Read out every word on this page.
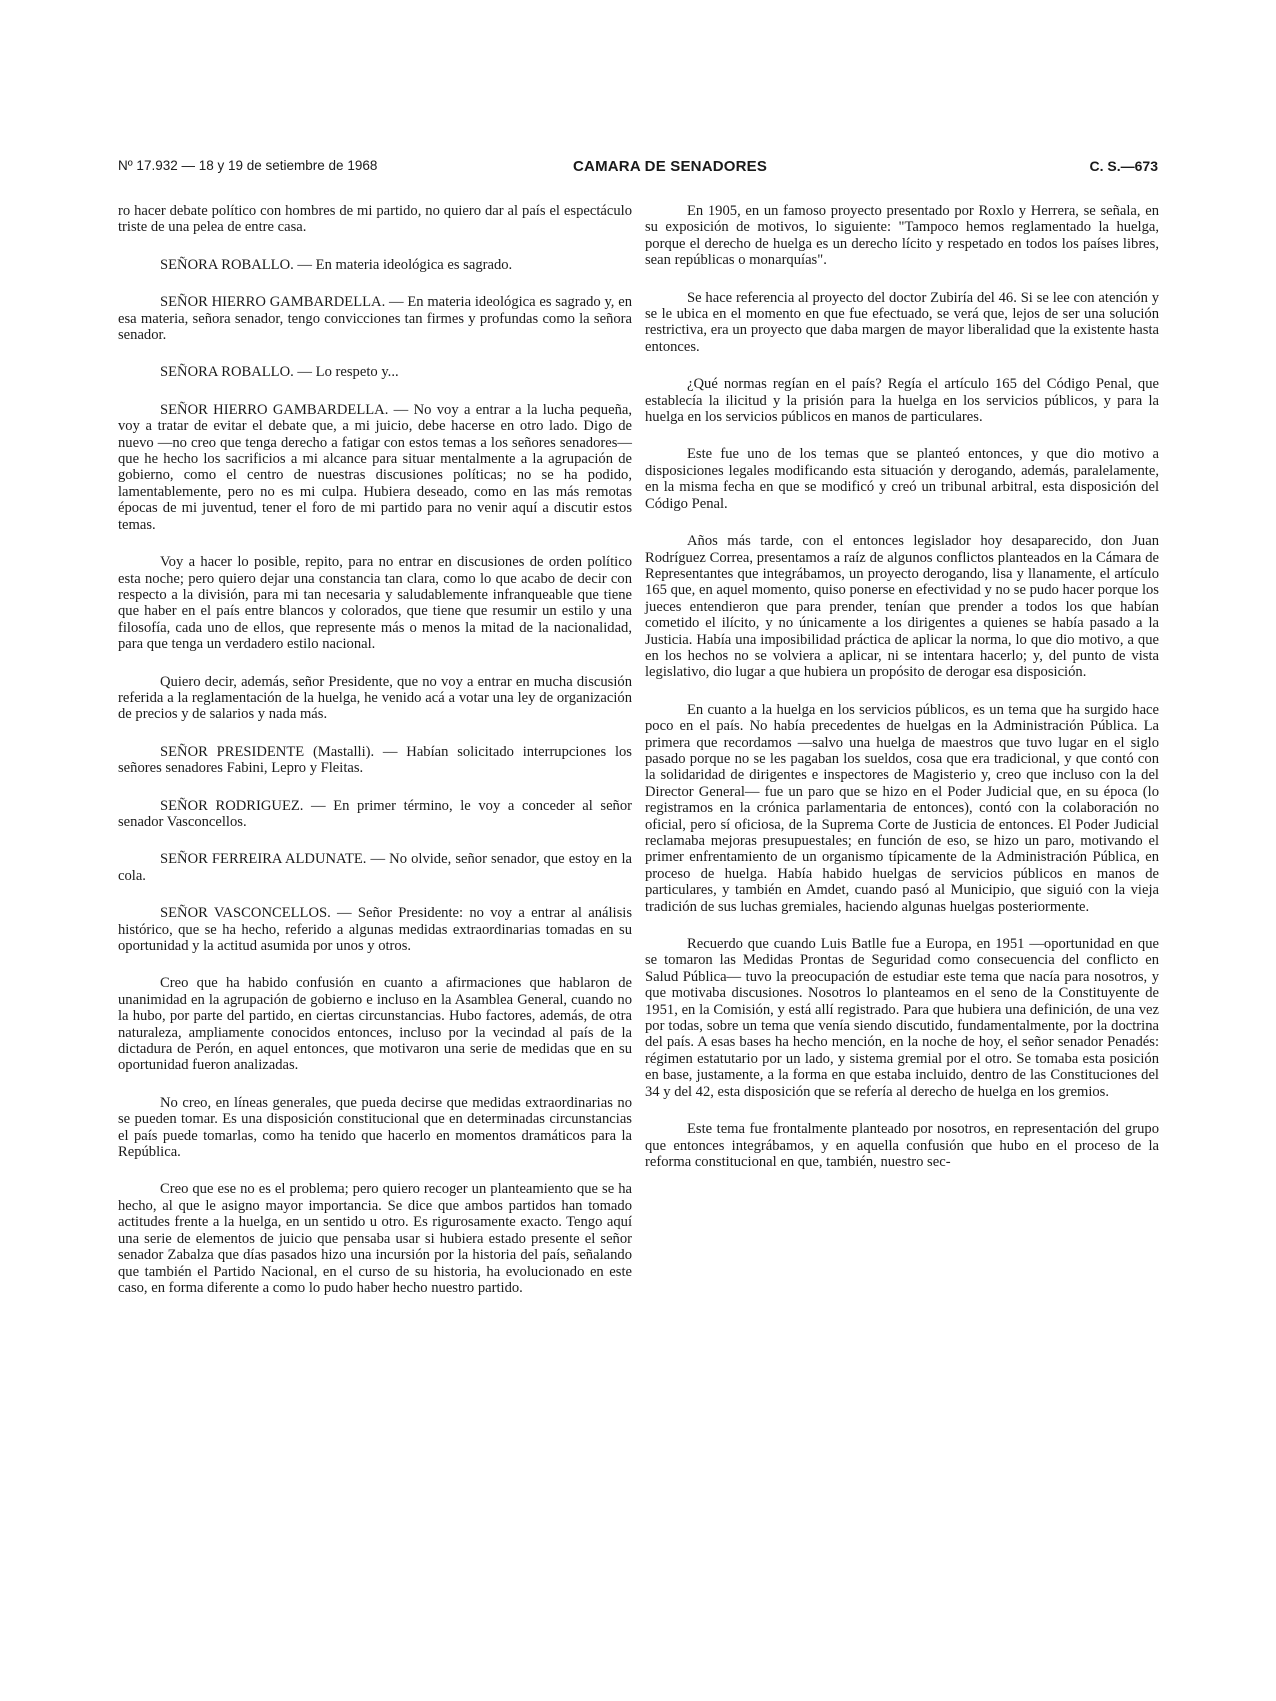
Nº 17.932 — 18 y 19 de setiembre de 1968	CAMARA DE SENADORES	C. S.—673

ro hacer debate político con hombres de mi partido, no quiero dar al país el espectáculo triste de una pelea de entre casa.

SEÑORA ROBALLO. — En materia ideológica es sagrado.

SEÑOR HIERRO GAMBARDELLA. — En materia ideológica es sagrado y, en esa materia, señora senador, tengo convicciones tan firmes y profundas como la señora senador.

SEÑORA ROBALLO. — Lo respeto y...

SEÑOR HIERRO GAMBARDELLA. — No voy a entrar a la lucha pequeña, voy a tratar de evitar el debate que, a mi juicio, debe hacerse en otro lado. Digo de nuevo —no creo que tenga derecho a fatigar con estos temas a los señores senadores— que he hecho los sacrificios a mi alcance para situar mentalmente a la agrupación de gobierno, como el centro de nuestras discusiones políticas; no se ha podido, lamentablemente, pero no es mi culpa. Hubiera deseado, como en las más remotas épocas de mi juventud, tener el foro de mi partido para no venir aquí a discutir estos temas.

Voy a hacer lo posible, repito, para no entrar en discusiones de orden político esta noche; pero quiero dejar una constancia tan clara, como lo que acabo de decir con respecto a la división, para mi tan necesaria y saludablemente infranqueable que tiene que haber en el país entre blancos y colorados, que tiene que resumir un estilo y una filosofía, cada uno de ellos, que represente más o menos la mitad de la nacionalidad, para que tenga un verdadero estilo nacional.

Quiero decir, además, señor Presidente, que no voy a entrar en mucha discusión referida a la reglamentación de la huelga, he venido acá a votar una ley de organización de precios y de salarios y nada más.

SEÑOR PRESIDENTE (Mastalli). — Habían solicitado interrupciones los señores senadores Fabini, Lepro y Fleitas.

SEÑOR RODRIGUEZ. — En primer término, le voy a conceder al señor senador Vasconcellos.

SEÑOR FERREIRA ALDUNATE. — No olvide, señor senador, que estoy en la cola.

SEÑOR VASCONCELLOS. — Señor Presidente: no voy a entrar al análisis histórico, que se ha hecho, referido a algunas medidas extraordinarias tomadas en su oportunidad y la actitud asumida por unos y otros.

Creo que ha habido confusión en cuanto a afirmaciones que hablaron de unanimidad en la agrupación de gobierno e incluso en la Asamblea General, cuando no la hubo, por parte del partido, en ciertas circunstancias. Hubo factores, además, de otra naturaleza, ampliamente conocidos entonces, incluso por la vecindad al país de la dictadura de Perón, en aquel entonces, que motivaron una serie de medidas que en su oportunidad fueron analizadas.

No creo, en líneas generales, que pueda decirse que medidas extraordinarias no se pueden tomar. Es una disposición constitucional que en determinadas circunstancias el país puede tomarlas, como ha tenido que hacerlo en momentos dramáticos para la República.

Creo que ese no es el problema; pero quiero recoger un planteamiento que se ha hecho, al que le asigno mayor importancia. Se dice que ambos partidos han tomado actitudes frente a la huelga, en un sentido u otro. Es rigurosamente exacto. Tengo aquí una serie de elementos de juicio que pensaba usar si hubiera estado presente el señor senador Zabalza que días pasados hizo una incursión por la historia del país, señalando que también el Partido Nacional, en el curso de su historia, ha evolucionado en este caso, en forma diferente a como lo pudo haber hecho nuestro partido.

En 1905, en un famoso proyecto presentado por Roxlo y Herrera, se señala, en su exposición de motivos, lo siguiente: "Tampoco hemos reglamentado la huelga, porque el derecho de huelga es un derecho lícito y respetado en todos los países libres, sean repúblicas o monarquías".

Se hace referencia al proyecto del doctor Zubiría del 46. Si se lee con atención y se le ubica en el momento en que fue efectuado, se verá que, lejos de ser una solución restrictiva, era un proyecto que daba margen de mayor liberalidad que la existente hasta entonces.

¿Qué normas regían en el país? Regía el artículo 165 del Código Penal, que establecía la ilicitud y la prisión para la huelga en los servicios públicos, y para la huelga en los servicios públicos en manos de particulares.

Este fue uno de los temas que se planteó entonces, y que dio motivo a disposiciones legales modificando esta situación y derogando, además, paralelamente, en la misma fecha en que se modificó y creó un tribunal arbitral, esta disposición del Código Penal.

Años más tarde, con el entonces legislador hoy desaparecido, don Juan Rodríguez Correa, presentamos a raíz de algunos conflictos planteados en la Cámara de Representantes que integrábamos, un proyecto derogando, lisa y llanamente, el artículo 165 que, en aquel momento, quiso ponerse en efectividad y no se pudo hacer porque los jueces entendieron que para prender, tenían que prender a todos los que habían cometido el ilícito, y no únicamente a los dirigentes a quienes se había pasado a la Justicia. Había una imposibilidad práctica de aplicar la norma, lo que dio motivo, a que en los hechos no se volviera a aplicar, ni se intentara hacerlo; y, del punto de vista legislativo, dio lugar a que hubiera un propósito de derogar esa disposición.

En cuanto a la huelga en los servicios públicos, es un tema que ha surgido hace poco en el país. No había precedentes de huelgas en la Administración Pública. La primera que recordamos —salvo una huelga de maestros que tuvo lugar en el siglo pasado porque no se les pagaban los sueldos, cosa que era tradicional, y que contó con la solidaridad de dirigentes e inspectores de Magisterio y, creo que incluso con la del Director General— fue un paro que se hizo en el Poder Judicial que, en su época (lo registramos en la crónica parlamentaria de entonces), contó con la colaboración no oficial, pero sí oficiosa, de la Suprema Corte de Justicia de entonces. El Poder Judicial reclamaba mejoras presupuestales; en función de eso, se hizo un paro, motivando el primer enfrentamiento de un organismo típicamente de la Administración Pública, en proceso de huelga. Había habido huelgas de servicios públicos en manos de particulares, y también en Amdet, cuando pasó al Municipio, que siguió con la vieja tradición de sus luchas gremiales, haciendo algunas huelgas posteriormente.

Recuerdo que cuando Luis Batlle fue a Europa, en 1951 —oportunidad en que se tomaron las Medidas Prontas de Seguridad como consecuencia del conflicto en Salud Pública— tuvo la preocupación de estudiar este tema que nacía para nosotros, y que motivaba discusiones. Nosotros lo planteamos en el seno de la Constituyente de 1951, en la Comisión, y está allí registrado. Para que hubiera una definición, de una vez por todas, sobre un tema que venía siendo discutido, fundamentalmente, por la doctrina del país. A esas bases ha hecho mención, en la noche de hoy, el señor senador Penadés: régimen estatutario por un lado, y sistema gremial por el otro. Se tomaba esta posición en base, justamente, a la forma en que estaba incluido, dentro de las Constituciones del 34 y del 42, esta disposición que se refería al derecho de huelga en los gremios.

Este tema fue frontalmente planteado por nosotros, en representación del grupo que entonces integrábamos, y en aquella confusión que hubo en el proceso de la reforma constitucional en que, también, nuestro sec-
